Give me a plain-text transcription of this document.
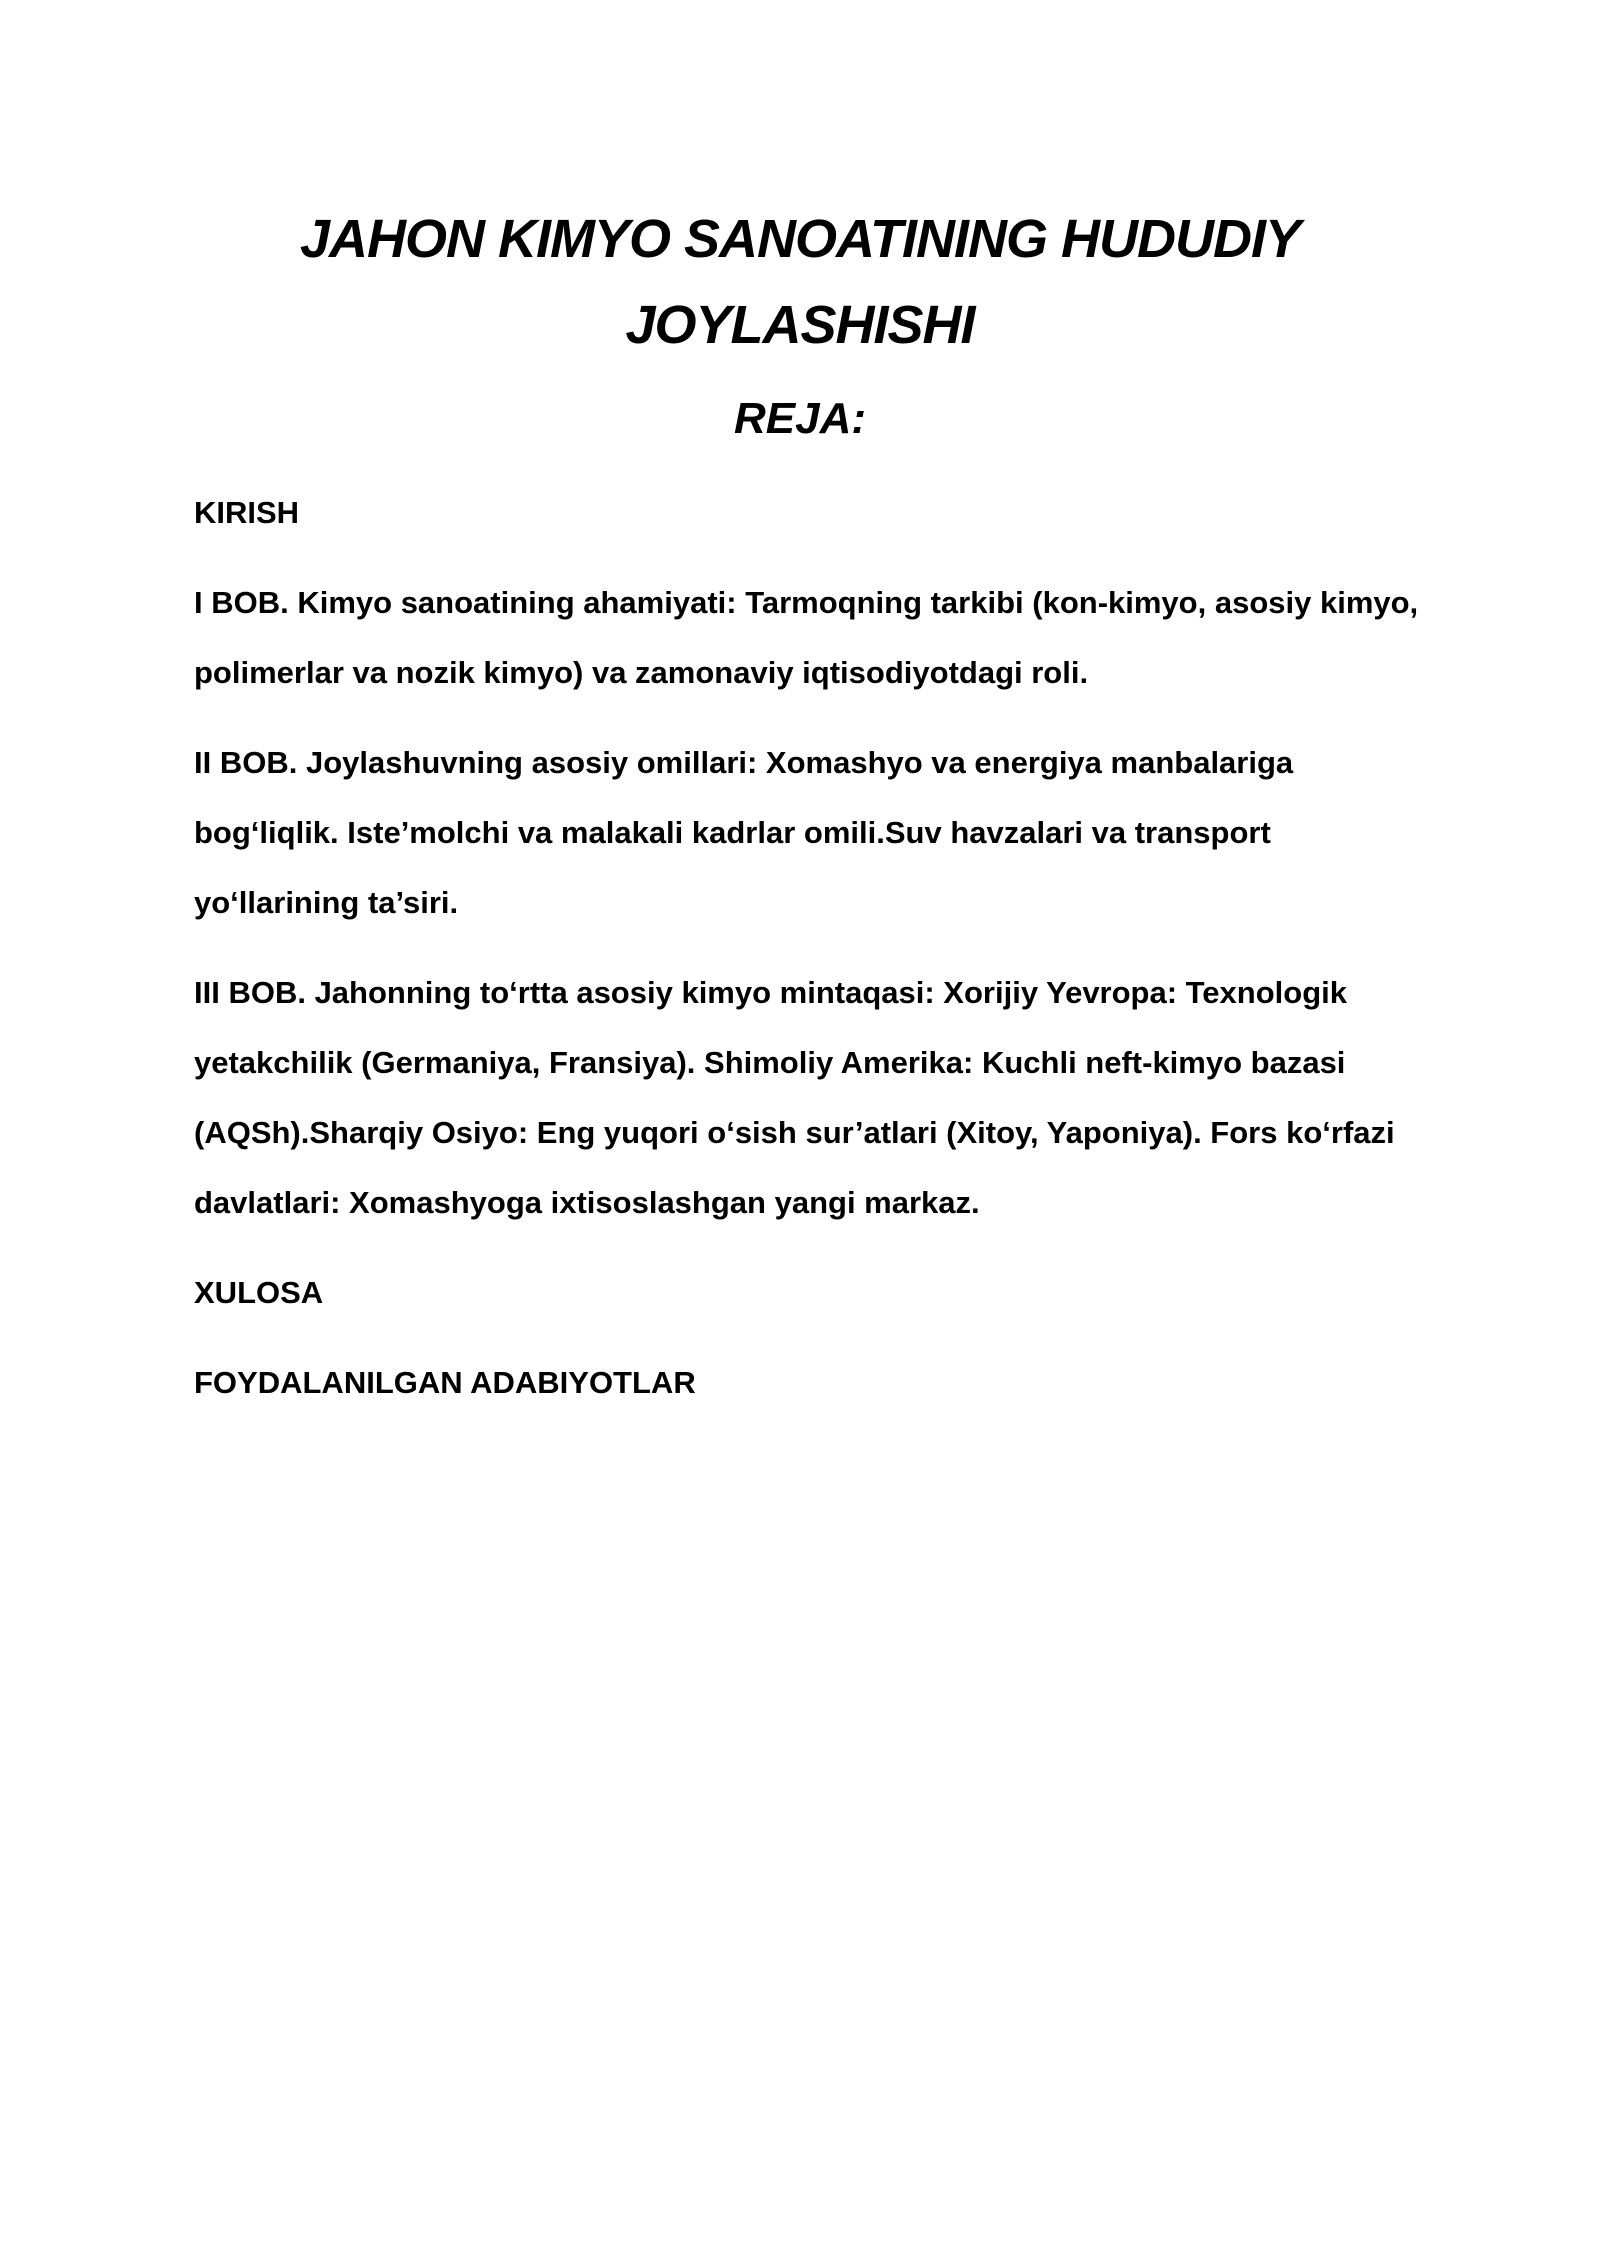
JAHON KIMYO SANOATINING HUDUDIY JOYLASHISHI
REJA:

KIRISH

I BOB. Kimyo sanoatining ahamiyati: Tarmoqning tarkibi (kon-kimyo, asosiy kimyo, polimerlar va nozik kimyo) va zamonaviy iqtisodiyotdagi roli.

II BOB. Joylashuvning asosiy omillari: Xomashyo va energiya manbalariga bog‘liqlik. Iste’molchi va malakali kadrlar omili.Suv havzalari va transport yo‘llarining ta’siri.

III BOB. Jahonning to‘rtta asosiy kimyo mintaqasi: Xorijiy Yevropa: Texnologik yetakchilik (Germaniya, Fransiya). Shimoliy Amerika: Kuchli neft-kimyo bazasi (AQSh).Sharqiy Osiyo: Eng yuqori o‘sish sur’atlari (Xitoy, Yaponiya). Fors ko‘rfazi davlatlari: Xomashyoga ixtisoslashgan yangi markaz.

XULOSA

FOYDALANILGAN ADABIYOTLAR
